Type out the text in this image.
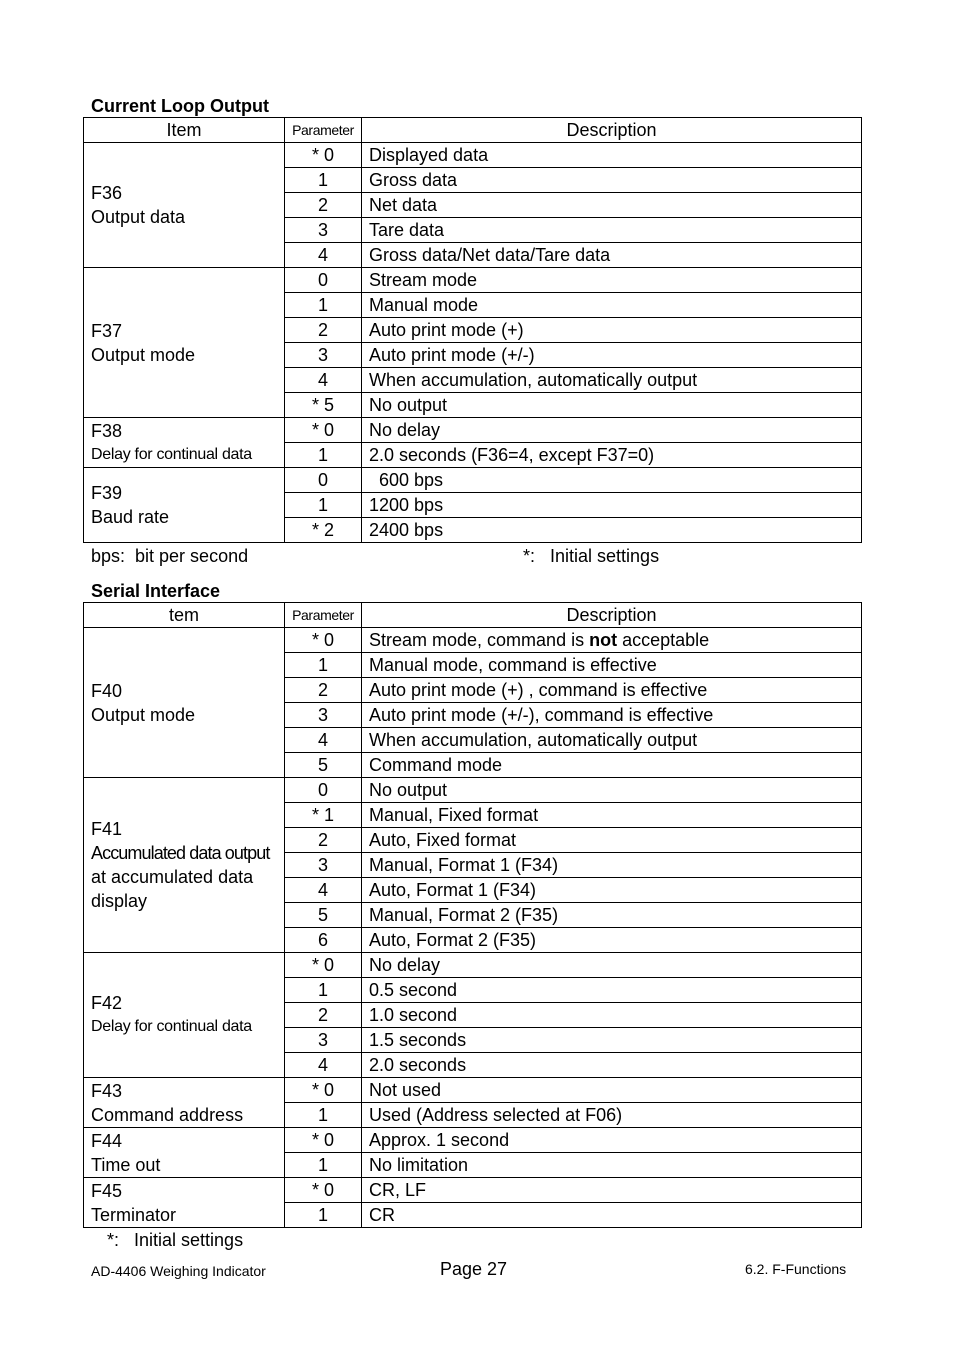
Current Loop Output
Item	Parameter	Description

F36
Output data	* 0	Displayed data
	1	Gross data
	2	Net data
	3	Tare data
	4	Gross data/Net data/Tare data

F37
Output mode	0	Stream mode
	1	Manual mode
	2	Auto print mode (+)
	3	Auto print mode (+/-)
	4	When accumulation, automatically output
	* 5	No output

F38
Delay for continual data	* 0	No delay
	1	2.0 seconds (F36=4, except F37=0)

F39
Baud rate	0	600 bps
	1	1200 bps
	* 2	2400 bps
bps:  bit per second	*:   Initial settings
Serial Interface
tem	Parameter	Description

F40
Output mode	* 0	Stream mode, command is not acceptable
	1	Manual mode, command is effective
	2	Auto print mode (+) , command is effective
	3	Auto print mode (+/-), command is effective
	4	When accumulation, automatically output
	5	Command mode

F41
Accumulated data output
at accumulated data
display	0	No output
	* 1	Manual, Fixed format
	2	Auto, Fixed format
	3	Manual, Format 1 (F34)
	4	Auto, Format 1 (F34)
	5	Manual, Format 2 (F35)
	6	Auto, Format 2 (F35)

F42
Delay for continual data	* 0	No delay
	1	0.5 second
	2	1.0 second
	3	1.5 seconds
	4	2.0 seconds

F43
Command address	* 0	Not used
	1	Used (Address selected at F06)

F44
Time out	* 0	Approx. 1 second
	1	No limitation

F45
Terminator	* 0	CR, LF
	1	CR
*:   Initial settings
AD-4406 Weighing Indicator	Page 27	6.2. F-Functions
